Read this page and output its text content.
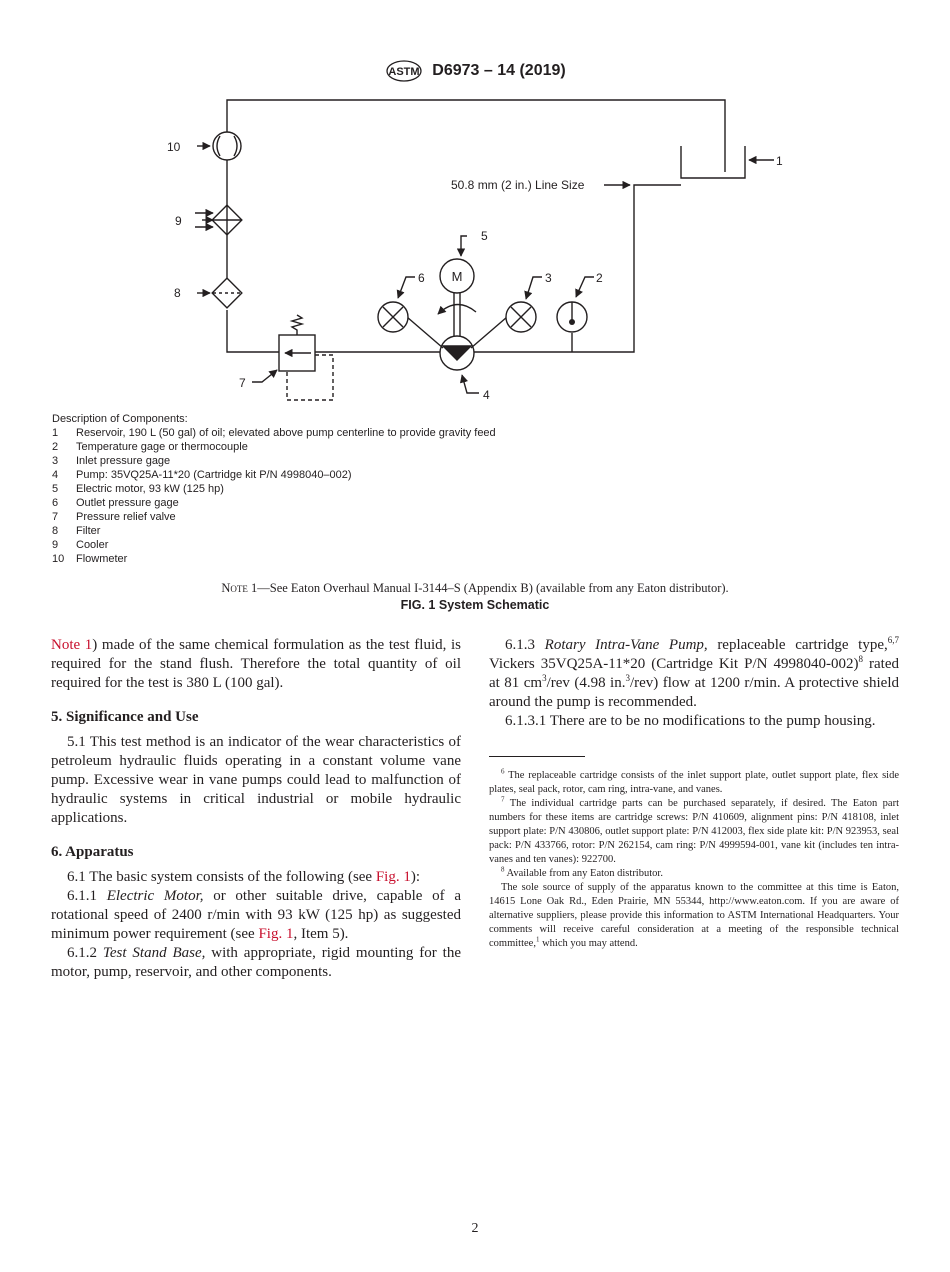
ASTM D6973 – 14 (2019)
M
50.8 mm (2 in.) Line Size
1
2
3
4
5
6
7
8
9
10
Description of Components:
1	Reservoir, 190 L (50 gal) of oil; elevated above pump centerline to provide gravity feed
2	Temperature gage or thermocouple
3	Inlet pressure gage
4	Pump: 35VQ25A-11*20 (Cartridge kit P/N 4998040–002)
5	Electric motor, 93 kW (125 hp)
6	Outlet pressure gage
7	Pressure relief valve
8	Filter
9	Cooler
10	Flowmeter
Note 1—See Eaton Overhaul Manual I-3144–S (Appendix B) (available from any Eaton distributor).
FIG. 1 System Schematic

Note 1) made of the same chemical formulation as the test fluid, is required for the stand flush. Therefore the total quantity of oil required for the test is 380 L (100 gal).

5. Significance and Use

5.1 This test method is an indicator of the wear characteristics of petroleum hydraulic fluids operating in a constant volume vane pump. Excessive wear in vane pumps could lead to malfunction of hydraulic systems in critical industrial or mobile hydraulic applications.

6. Apparatus

6.1 The basic system consists of the following (see Fig. 1):

6.1.1 Electric Motor, or other suitable drive, capable of a rotational speed of 2400 r/min with 93 kW (125 hp) as suggested minimum power requirement (see Fig. 1, Item 5).

6.1.2 Test Stand Base, with appropriate, rigid mounting for the motor, pump, reservoir, and other components.

6.1.3 Rotary Intra-Vane Pump, replaceable cartridge type,$^{6,7}$ Vickers 35VQ25A-11*20 (Cartridge Kit P/N 4998040-002)$^8$ rated at 81 $cm^3$/rev (4.98 in.$^3$/rev) flow at 1200 r/min. A protective shield around the pump is recommended.

6.1.3.1 There are to be no modifications to the pump housing.

$^6$ The replaceable cartridge consists of the inlet support plate, outlet support plate, flex side plates, seal pack, rotor, cam ring, intra-vane, and vanes.

$^7$ The individual cartridge parts can be purchased separately, if desired. The Eaton part numbers for these items are cartridge screws: P/N 410609, alignment pins: P/N 418108, inlet support plate: P/N 430806, outlet support plate: P/N 412003, flex side plate kit: P/N 923953, seal pack: P/N 433766, rotor: P/N 262154, cam ring: P/N 4999594-001, vane kit (includes ten intra-vanes and ten vanes): 922700.

$^8$ Available from any Eaton distributor.

The sole source of supply of the apparatus known to the committee at this time is Eaton, 14615 Lone Oak Rd., Eden Prairie, MN 55344, http://www.eaton.com. If you are aware of alternative suppliers, please provide this information to ASTM International Headquarters. Your comments will receive careful consideration at a meeting of the responsible technical committee,$^1$ which you may attend.

2
